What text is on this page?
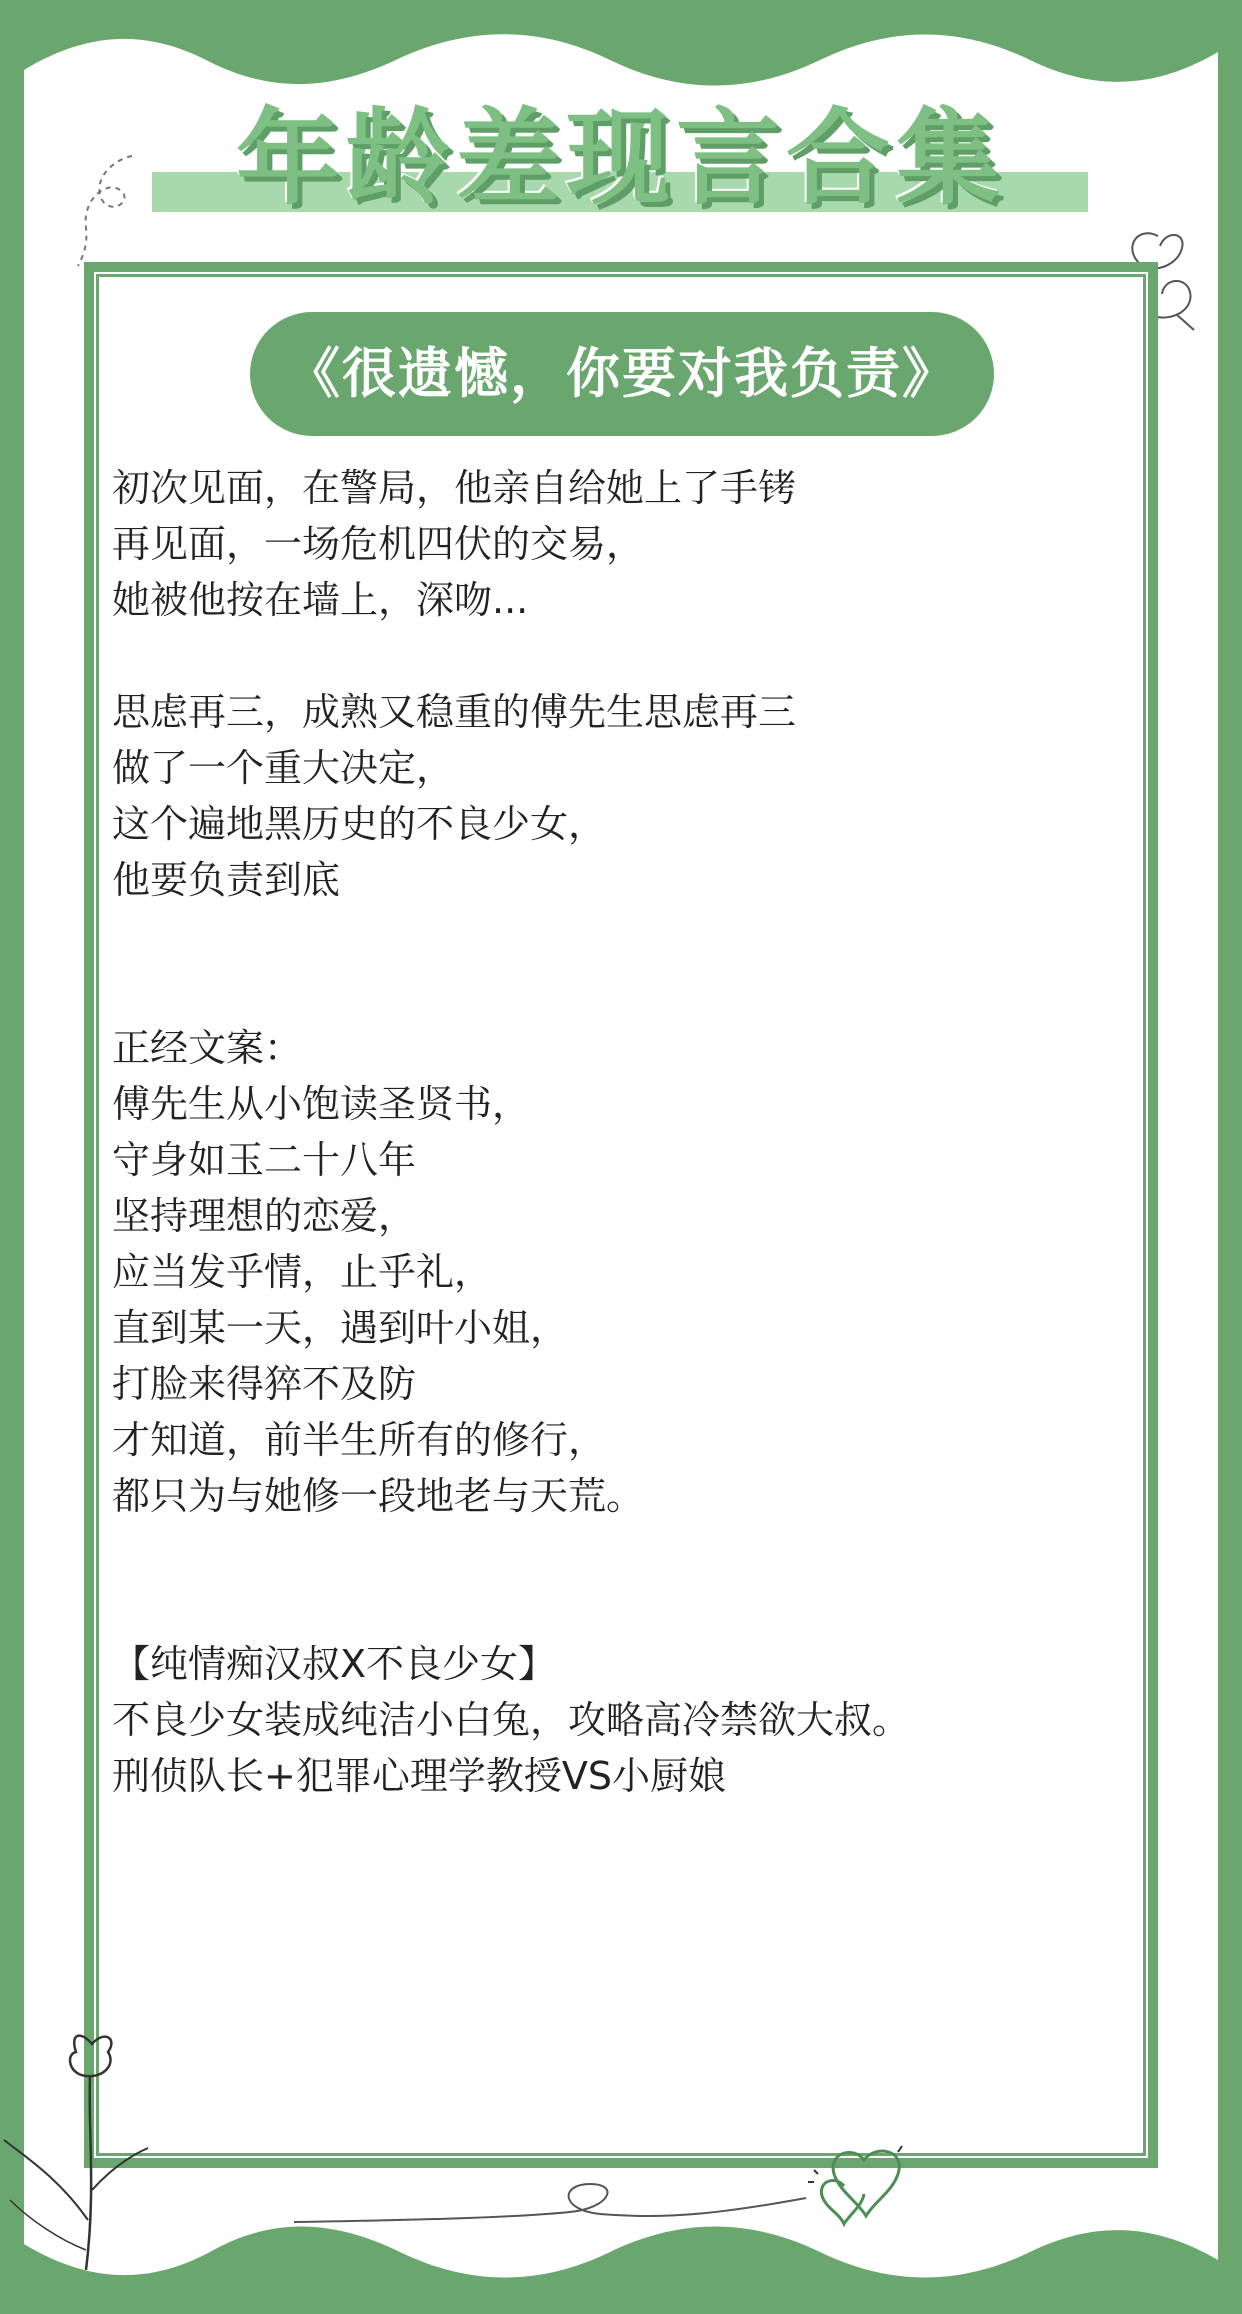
年龄差现言合集
《很遗憾，你要对我负责》
初次见面，在警局，他亲自给她上了手铐
再见面，一场危机四伏的交易，
她被他按在墙上，深吻...
思虑再三，成熟又稳重的傅先生思虑再三
做了一个重大决定，
这个遍地黑历史的不良少女，
他要负责到底
正经文案：
傅先生从小饱读圣贤书，
守身如玉二十八年
坚持理想的恋爱，
应当发乎情，止乎礼，
直到某一天，遇到叶小姐，
打脸来得猝不及防
才知道，前半生所有的修行，
都只为与她修一段地老与天荒。
【纯情痴汉叔X不良少女】
不良少女装成纯洁小白兔，攻略高冷禁欲大叔。
刑侦队长+犯罪心理学教授VS小厨娘
